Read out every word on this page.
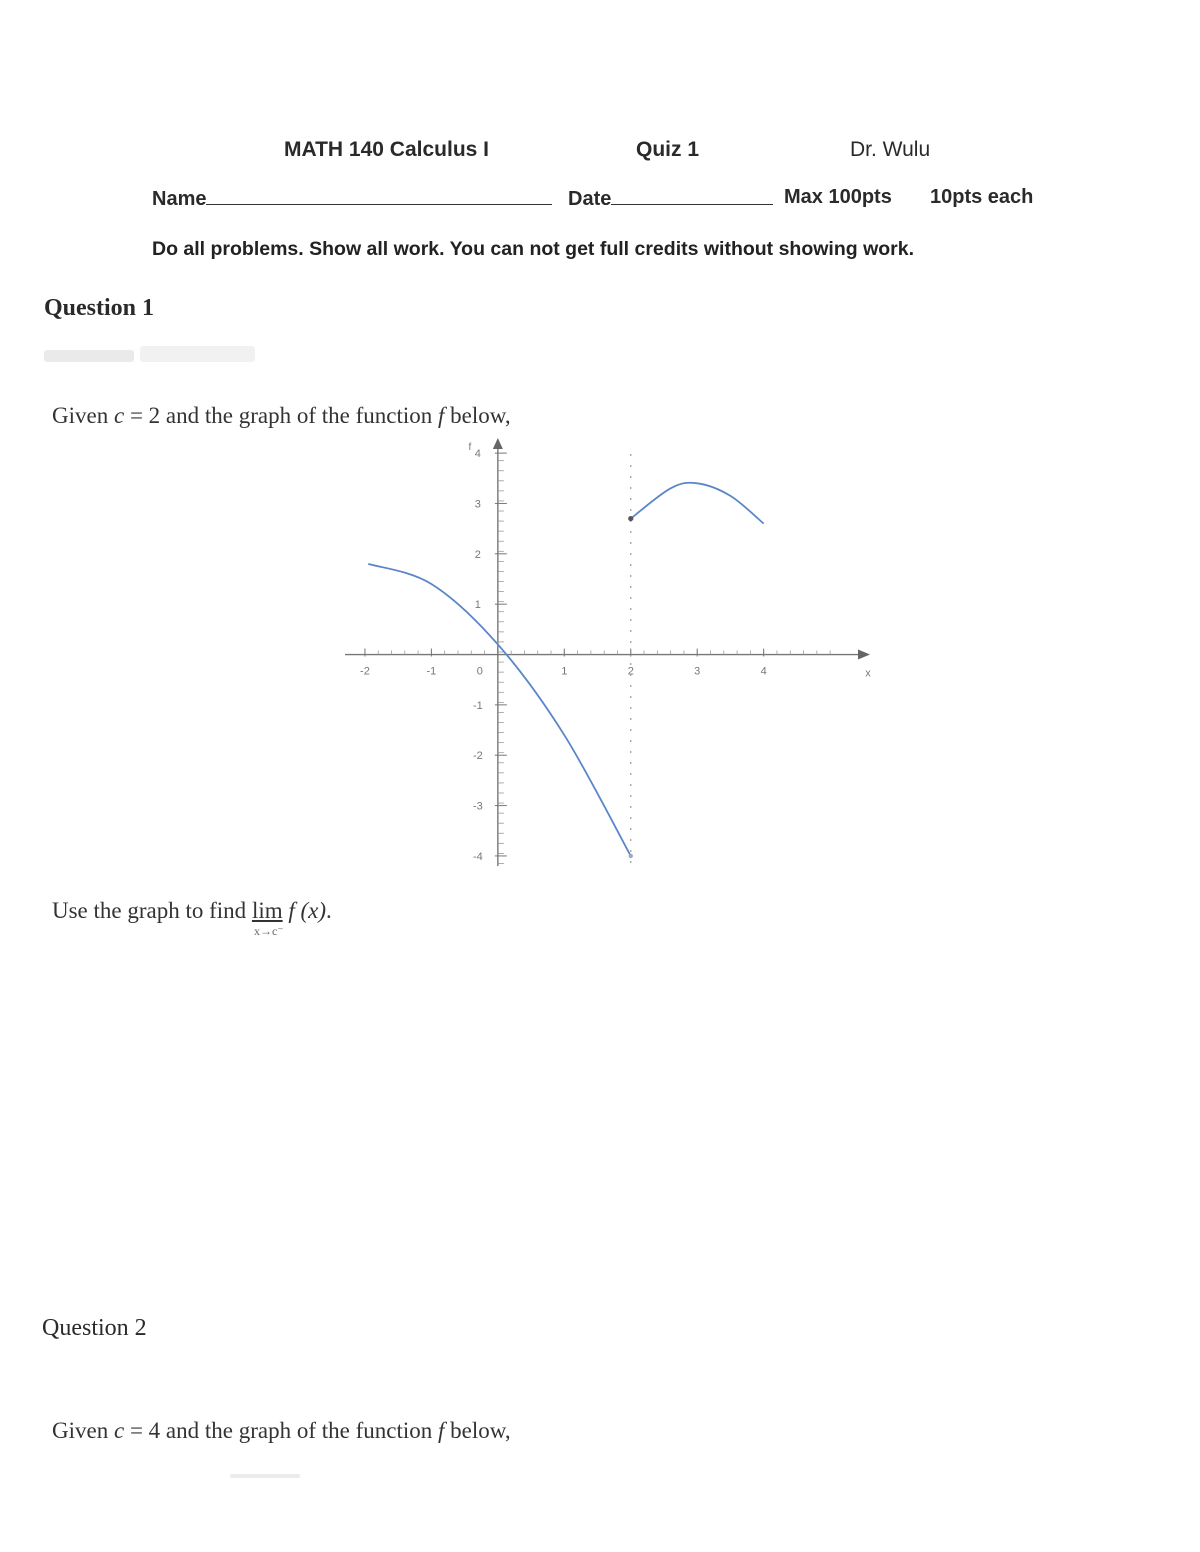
MATH 140 Calculus I	Quiz 1	Dr. Wulu
Name	Date	Max 100pts 10pts each
Do all problems. Show all work. You can not get full credits without showing work.
Question 1
Given c = 2 and the graph of the function f below,
-2	-1	0	1	2	3	4	x
-4
-3
-2
-1
1
2
3
4
f
Use the graph to find lim
x→c⁻
f (x).
Question 2
Given c = 4 and the graph of the function f below,
